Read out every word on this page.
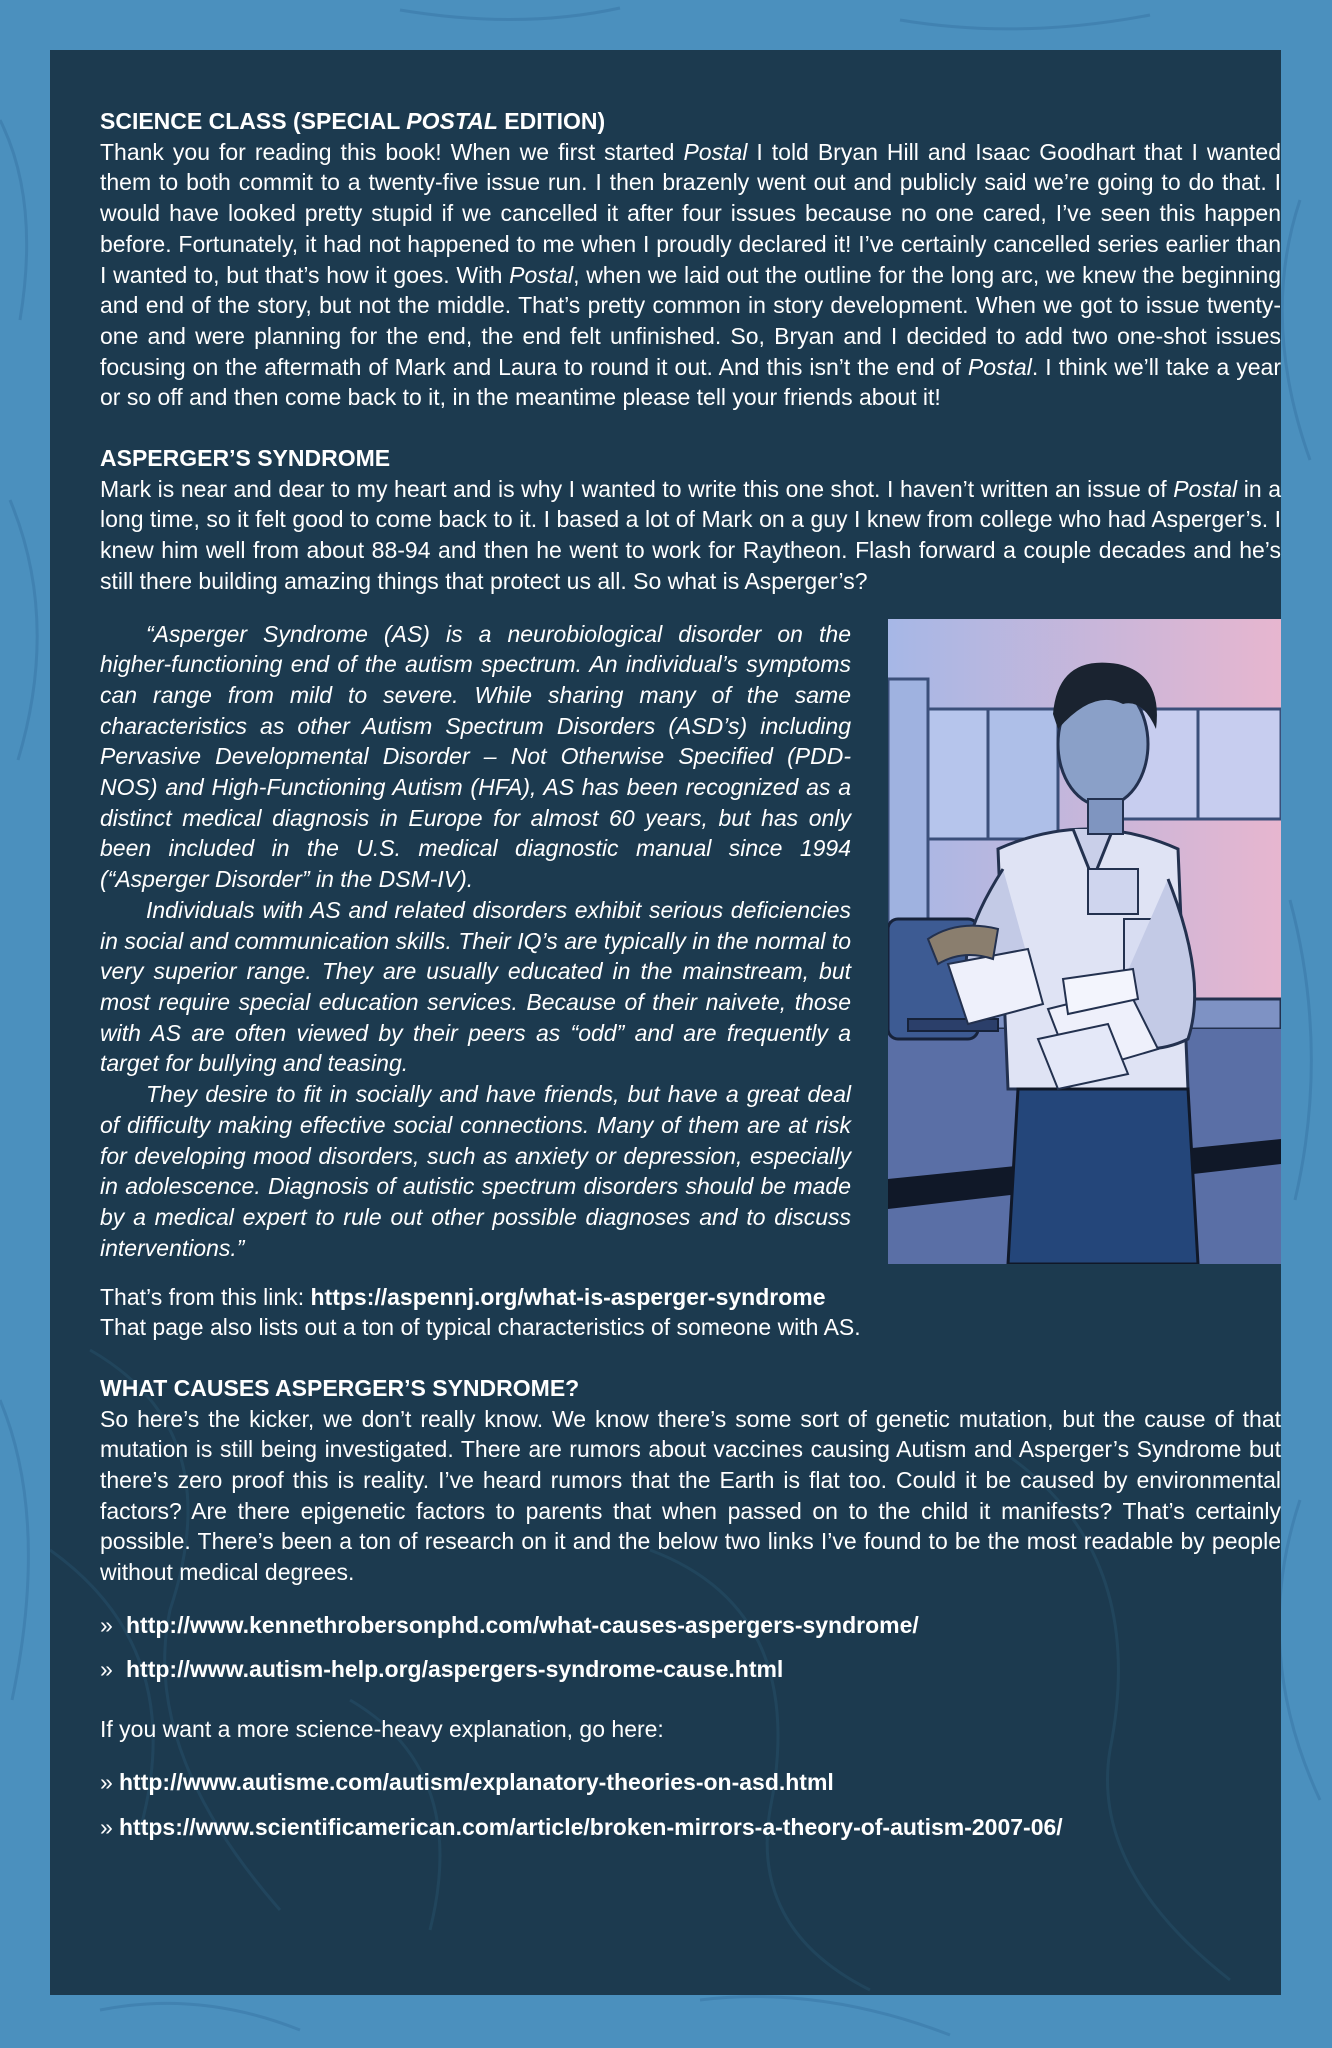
SCIENCE CLASS (SPECIAL POSTAL EDITION)

Thank you for reading this book! When we first started Postal I told Bryan Hill and Isaac Goodhart that I wanted them to both commit to a twenty-five issue run. I then brazenly went out and publicly said we’re going to do that. I would have looked pretty stupid if we cancelled it after four issues because no one cared, I’ve seen this happen before. Fortunately, it had not happened to me when I proudly declared it! I’ve certainly cancelled series earlier than I wanted to, but that’s how it goes. With Postal, when we laid out the outline for the long arc, we knew the beginning and end of the story, but not the middle. That’s pretty common in story development. When we got to issue twenty-one and were planning for the end, the end felt unfinished. So, Bryan and I decided to add two one-shot issues focusing on the aftermath of Mark and Laura to round it out. And this isn’t the end of Postal. I think we’ll take a year or so off and then come back to it, in the meantime please tell your friends about it!

ASPERGER’S SYNDROME

Mark is near and dear to my heart and is why I wanted to write this one shot. I haven’t written an issue of Postal in a long time, so it felt good to come back to it. I based a lot of Mark on a guy I knew from college who had Asperger’s. I knew him well from about 88-94 and then he went to work for Raytheon. Flash forward a couple decades and he’s still there building amazing things that protect us all. So what is Asperger’s?

“Asperger Syndrome (AS) is a neurobiological disorder on the higher-functioning end of the autism spectrum. An individual’s symptoms can range from mild to severe. While sharing many of the same characteristics as other Autism Spectrum Disorders (ASD’s) including Pervasive Developmental Disorder – Not Otherwise Specified (PDD-NOS) and High-Functioning Autism (HFA), AS has been recognized as a distinct medical diagnosis in Europe for almost 60 years, but has only been included in the U.S. medical diagnostic manual since 1994 (“Asperger Disorder” in the DSM-IV).

Individuals with AS and related disorders exhibit serious deficiencies in social and communication skills. Their IQ’s are typically in the normal to very superior range. They are usually educated in the mainstream, but most require special education services. Because of their naivete, those with AS are often viewed by their peers as “odd” and are frequently a target for bullying and teasing.

They desire to fit in socially and have friends, but have a great deal of difficulty making effective social connections. Many of them are at risk for developing mood disorders, such as anxiety or depression, especially in adolescence. Diagnosis of autistic spectrum disorders should be made by a medical expert to rule out other possible diagnoses and to discuss interventions.”

That’s from this link: https://aspennj.org/what-is-asperger-syndrome

That page also lists out a ton of typical characteristics of someone with AS.

WHAT CAUSES ASPERGER’S SYNDROME?

So here’s the kicker, we don’t really know. We know there’s some sort of genetic mutation, but the cause of that mutation is still being investigated. There are rumors about vaccines causing Autism and Asperger’s Syndrome but there’s zero proof this is reality. I’ve heard rumors that the Earth is flat too. Could it be caused by environmental factors? Are there epigenetic factors to parents that when passed on to the child it manifests? That’s certainly possible. There’s been a ton of research on it and the below two links I’ve found to be the most readable by people without medical degrees.

» http://www.kennethrobersonphd.com/what-causes-aspergers-syndrome/
» http://www.autism-help.org/aspergers-syndrome-cause.html

If you want a more science-heavy explanation, go here:

» http://www.autisme.com/autism/explanatory-theories-on-asd.html
» https://www.scientificamerican.com/article/broken-mirrors-a-theory-of-autism-2007-06/
